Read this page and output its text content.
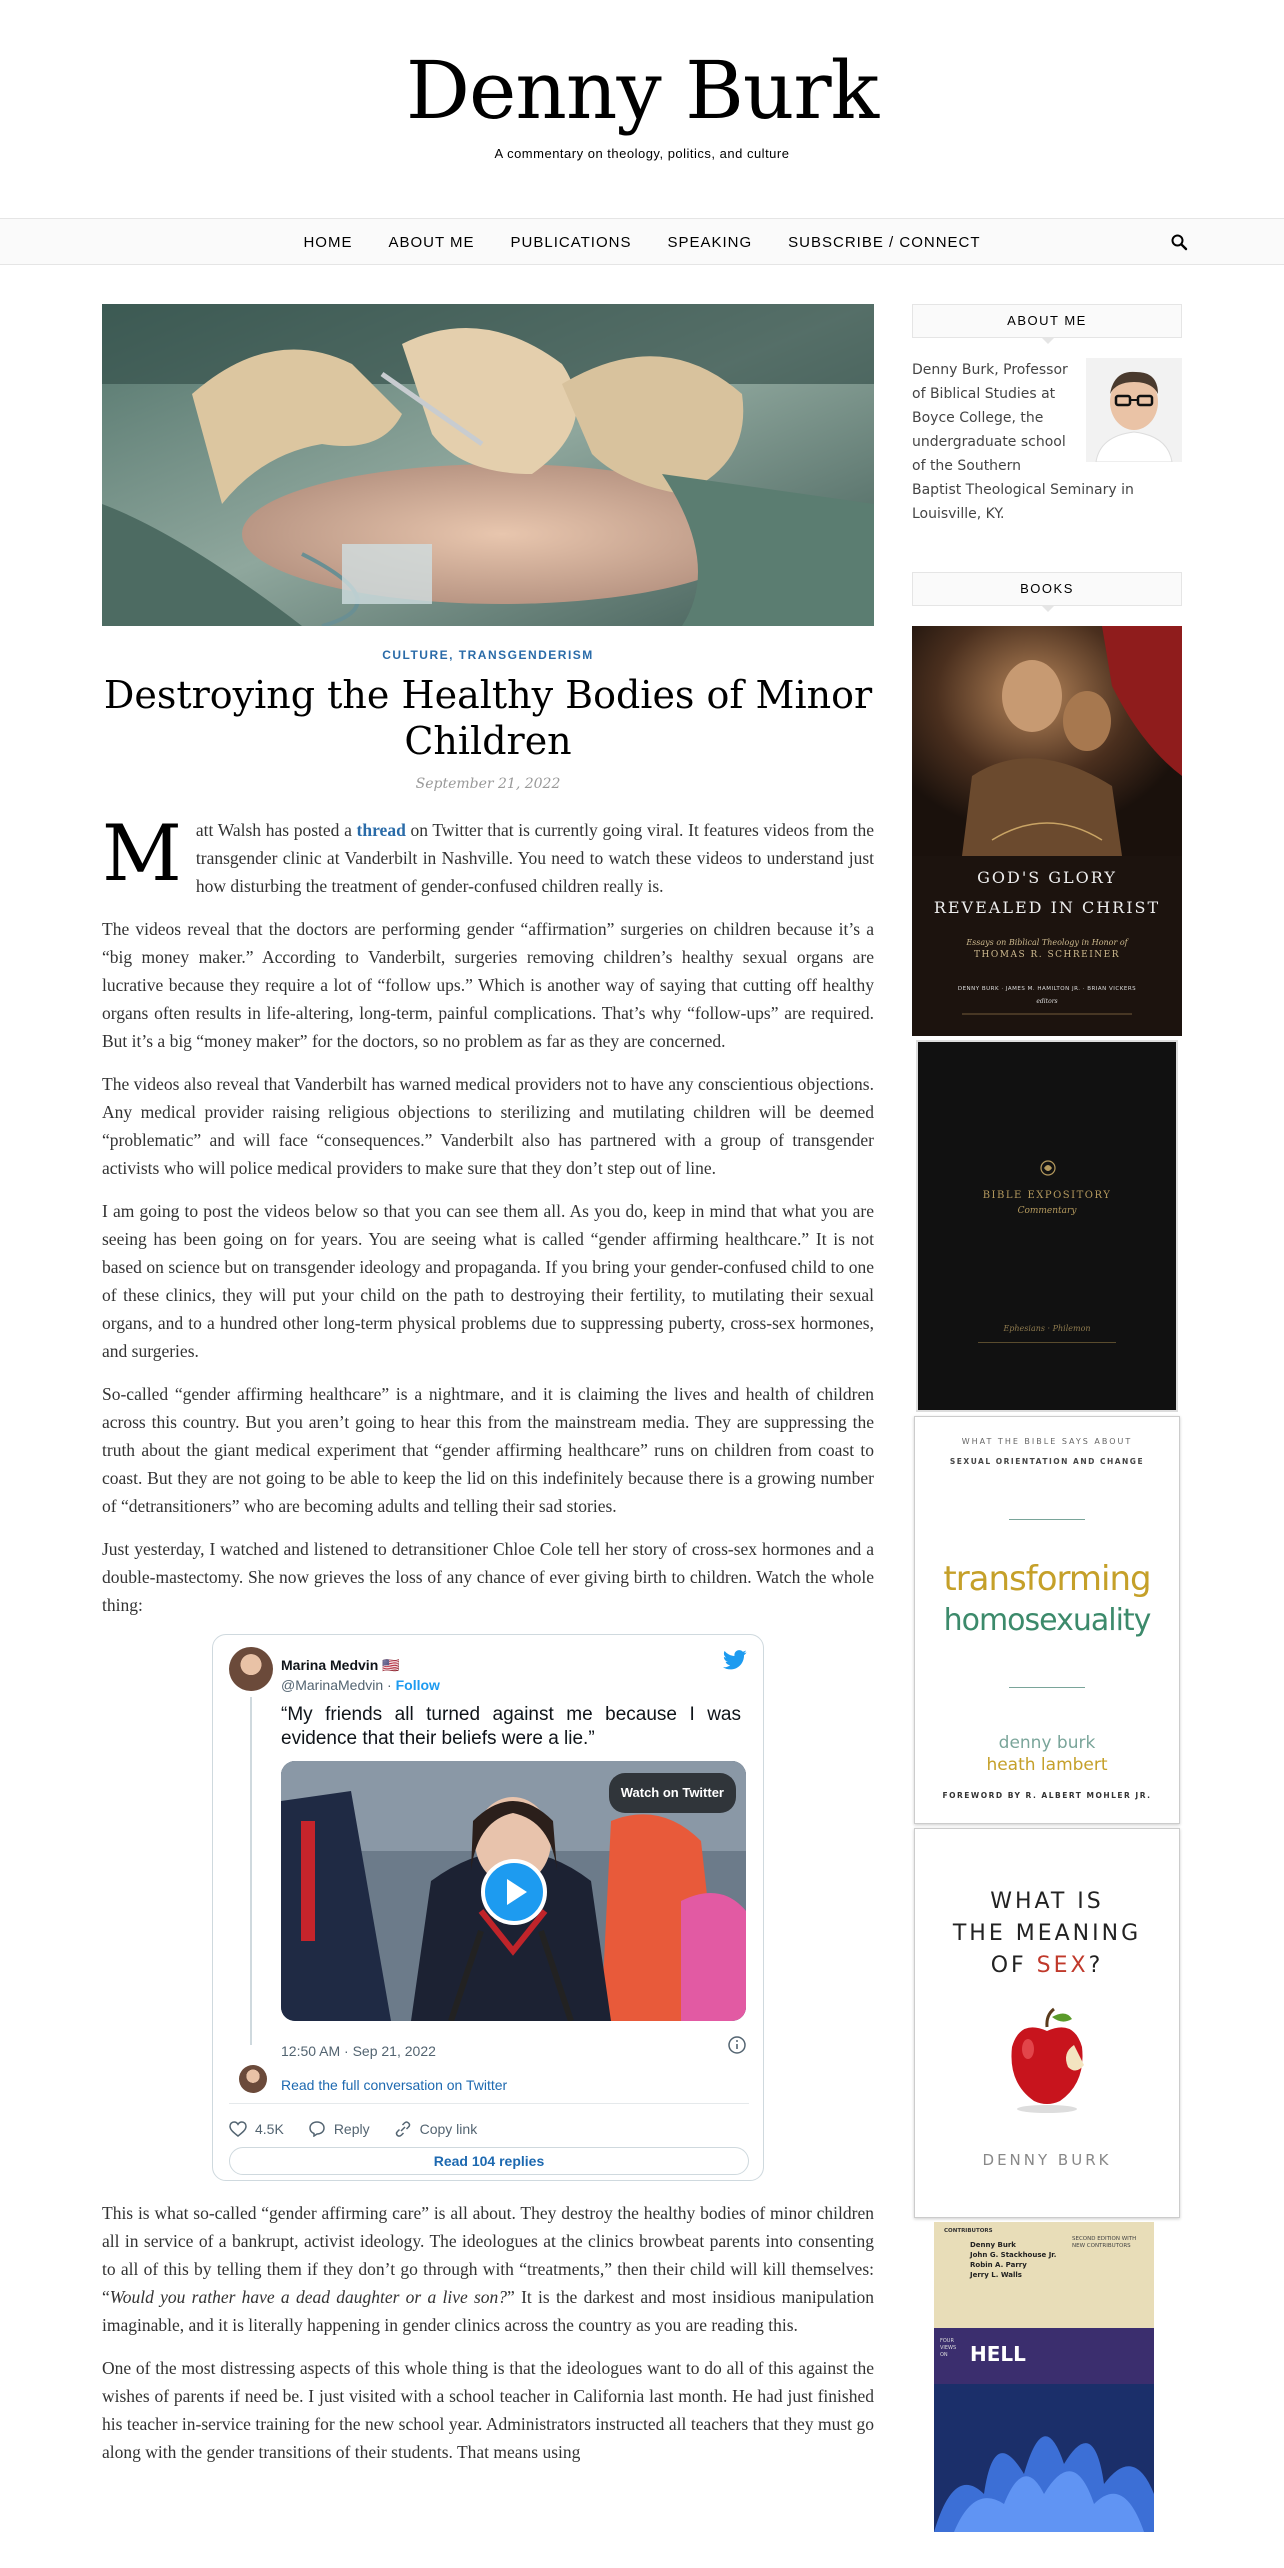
Denny Burk
A commentary on theology, politics, and culture
HOME	ABOUT ME	PUBLICATIONS	SPEAKING	SUBSCRIBE / CONNECT
CULTURE, TRANSGENDERISM
Destroying the Healthy Bodies of Minor Children
September 21, 2022

Matt Walsh has posted a thread on Twitter that is currently going viral. It features videos from the transgender clinic at Vanderbilt in Nashville. You need to watch these videos to understand just how disturbing the treatment of gender-confused children really is.

The videos reveal that the doctors are performing gender “affirmation” surgeries on children because it’s a “big money maker.” According to Vanderbilt, surgeries removing children’s healthy sexual organs are lucrative because they require a lot of “follow ups.” Which is another way of saying that cutting off healthy organs often results in life-altering, long-term, painful complications. That’s why “follow-ups” are required. But it’s a big “money maker” for the doctors, so no problem as far as they are concerned.

The videos also reveal that Vanderbilt has warned medical providers not to have any conscientious objections. Any medical provider raising religious objections to sterilizing and mutilating children will be deemed “problematic” and will face “consequences.” Vanderbilt also has partnered with a group of transgender activists who will police medical providers to make sure that they don’t step out of line.

I am going to post the videos below so that you can see them all. As you do, keep in mind that what you are seeing has been going on for years. You are seeing what is called “gender affirming healthcare.” It is not based on science but on transgender ideology and propaganda. If you bring your gender-confused child to one of these clinics, they will put your child on the path to destroying their fertility, to mutilating their sexual organs, and to a hundred other long-term physical problems due to suppressing puberty, cross-sex hormones, and surgeries.

So-called “gender affirming healthcare” is a nightmare, and it is claiming the lives and health of children across this country. But you aren’t going to hear this from the mainstream media. They are suppressing the truth about the giant medical experiment that “gender affirming healthcare” runs on children from coast to coast. But they are not going to be able to keep the lid on this indefinitely because there is a growing number of “detransitioners” who are becoming adults and telling their sad stories.

Just yesterday, I watched and listened to detransitioner Chloe Cole tell her story of cross-sex hormones and a double-mastectomy. She now grieves the loss of any chance of ever giving birth to children. Watch the whole thing:

Marina Medvin 🇺🇸
@MarinaMedvin · Follow
“My friends all turned against me because I was evidence that their beliefs were a lie.”
Watch on Twitter
12:50 AM · Sep 21, 2022
Read the full conversation on Twitter
4.5K	Reply	Copy link
Read 104 replies

This is what so-called “gender affirming care” is all about. They destroy the healthy bodies of minor children all in service of a bankrupt, activist ideology. The ideologues at the clinics browbeat parents into consenting to all of this by telling them if they don’t go through with “treatments,” then their child will kill themselves: “Would you rather have a dead daughter or a live son?” It is the darkest and most insidious manipulation imaginable, and it is literally happening in gender clinics across the country as you are reading this.

One of the most distressing aspects of this whole thing is that the ideologues want to do all of this against the wishes of parents if need be. I just visited with a school teacher in California last month. He had just finished his teacher in-service training for the new school year. Administrators instructed all teachers that they must go along with the gender transitions of their students. That means using

ABOUT ME
Denny Burk, Professor of Biblical Studies at Boyce College, the undergraduate school of the Southern Baptist Theological Seminary in Louisville, KY.
BOOKS
GOD'S GLORY
REVEALED IN CHRIST
Essays on Biblical Theology in Honor of
THOMAS R. SCHREINER
DENNY BURK · JAMES M. HAMILTON JR. · BRIAN VICKERS
editors
BIBLE EXPOSITORY
Commentary
Ephesians · Philemon
WHAT THE BIBLE SAYS ABOUT
SEXUAL ORIENTATION AND CHANGE
transforming
homosexuality
denny burk
heath lambert
FOREWORD BY R. ALBERT MOHLER JR.
WHAT IS
THE MEANING
OF SEX?
DENNY BURK
CONTRIBUTORS
Denny Burk
John G. Stackhouse Jr.
Robin A. Parry
Jerry L. Walls
SECOND EDITION WITH NEW CONTRIBUTORS
FOUR VIEWS ON	HELL
